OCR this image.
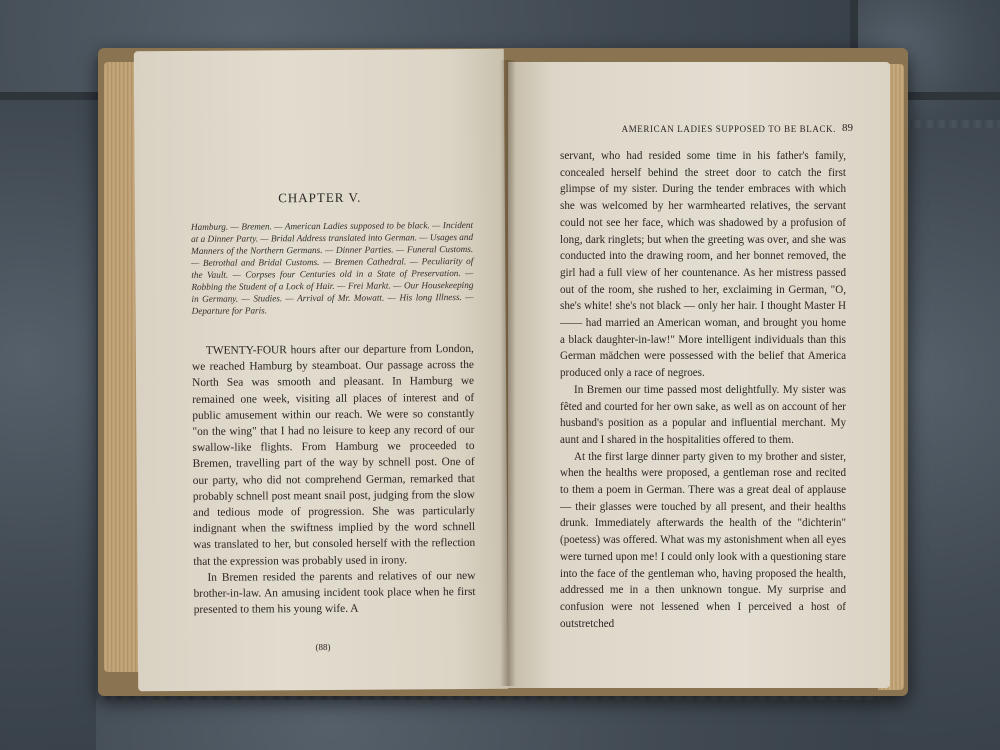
CHAPTER V.
Hamburg. — Bremen. — American Ladies supposed to be black. — Incident at a Dinner Party. — Bridal Address translated into German. — Usages and Manners of the Northern Germans. — Dinner Parties. — Funeral Customs. — Betrothal and Bridal Customs. — Bremen Cathedral. — Peculiarity of the Vault. — Corpses four Centuries old in a State of Preservation. — Robbing the Student of a Lock of Hair. — Frei Markt. — Our Housekeeping in Germany. — Studies. — Arrival of Mr. Mowatt. — His long Illness. — Departure for Paris.

TWENTY-FOUR hours after our departure from London, we reached Hamburg by steamboat. Our passage across the North Sea was smooth and pleasant. In Hamburg we remained one week, visiting all places of interest and of public amusement within our reach. We were so constantly "on the wing" that I had no leisure to keep any record of our swallow-like flights. From Hamburg we proceeded to Bremen, travelling part of the way by schnell post. One of our party, who did not comprehend German, remarked that probably schnell post meant snail post, judging from the slow and tedious mode of progression. She was particularly indignant when the swiftness implied by the word schnell was translated to her, but consoled herself with the reflection that the expression was probably used in irony.

In Bremen resided the parents and relatives of our new brother-in-law. An amusing incident took place when he first presented to them his young wife. A

(88)
AMERICAN LADIES SUPPOSED TO BE BLACK. 89

servant, who had resided some time in his father's family, concealed herself behind the street door to catch the first glimpse of my sister. During the tender embraces with which she was welcomed by her warmhearted relatives, the servant could not see her face, which was shadowed by a profusion of long, dark ringlets; but when the greeting was over, and she was conducted into the drawing room, and her bonnet removed, the girl had a full view of her countenance. As her mistress passed out of the room, she rushed to her, exclaiming in German, "O, she's white! she's not black — only her hair. I thought Master H—— had married an American woman, and brought you home a black daughter-in-law!" More intelligent individuals than this German mädchen were possessed with the belief that America produced only a race of negroes.

In Bremen our time passed most delightfully. My sister was fêted and courted for her own sake, as well as on account of her husband's position as a popular and influential merchant. My aunt and I shared in the hospitalities offered to them.

At the first large dinner party given to my brother and sister, when the healths were proposed, a gentleman rose and recited to them a poem in German. There was a great deal of applause — their glasses were touched by all present, and their healths drunk. Immediately afterwards the health of the "dichterin" (poetess) was offered. What was my astonishment when all eyes were turned upon me! I could only look with a questioning stare into the face of the gentleman who, having proposed the health, addressed me in a then unknown tongue. My surprise and confusion were not lessened when I perceived a host of outstretched
